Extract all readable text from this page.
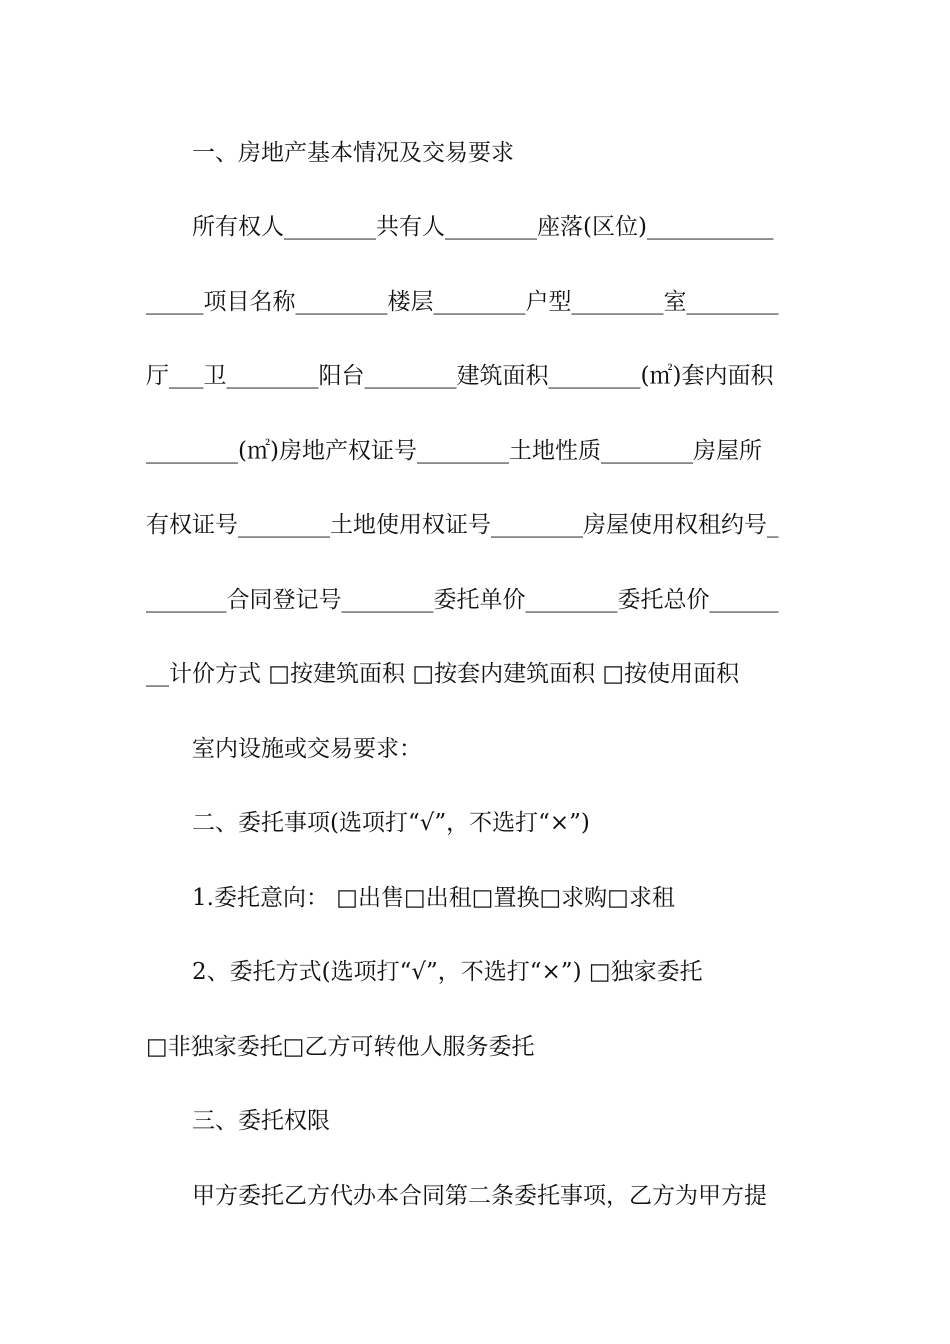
一、房地产基本情况及交易要求
所有权人________共有人________座落(区位)___________
_____项目名称________楼层________户型________室________
厅___卫________阳台________建筑面积________(㎡)套内面积
________(㎡)房地产权证号________土地性质________房屋所
有权证号________土地使用权证号________房屋使用权租约号_
_______合同登记号________委托单价________委托总价______
__计价方式 □按建筑面积 □按套内建筑面积 □按使用面积
室内设施或交易要求：
二、委托事项(选项打“√”，不选打“×”)
1.委托意向： □出售□出租□置换□求购□求租
2、委托方式(选项打“√”，不选打“×”) □独家委托
□非独家委托□乙方可转他人服务委托
三、委托权限
甲方委托乙方代办本合同第二条委托事项，乙方为甲方提
